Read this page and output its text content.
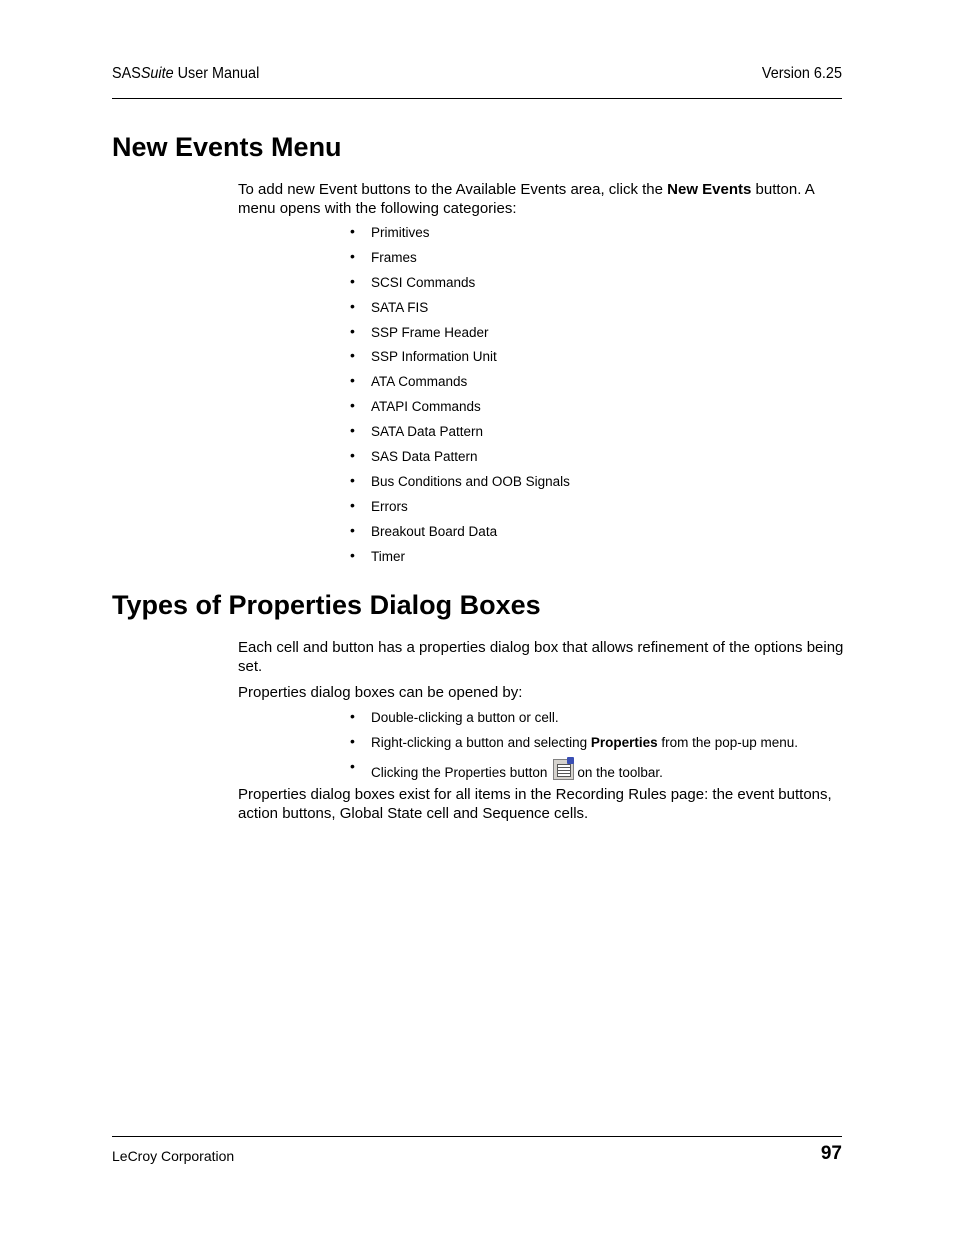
SASSuite User Manual	Version 6.25
New Events Menu

To add new Event buttons to the Available Events area, click the New Events button. A menu opens with the following categories:

• Primitives
• Frames
• SCSI Commands
• SATA FIS
• SSP Frame Header
• SSP Information Unit
• ATA Commands
• ATAPI Commands
• SATA Data Pattern
• SAS Data Pattern
• Bus Conditions and OOB Signals
• Errors
• Breakout Board Data
• Timer
Types of Properties Dialog Boxes

Each cell and button has a properties dialog box that allows refinement of the options being set.

Properties dialog boxes can be opened by:

• Double-clicking a button or cell.
• Right-clicking a button and selecting Properties from the pop-up menu.
• Clicking the Properties button on the toolbar.

Properties dialog boxes exist for all items in the Recording Rules page: the event buttons, action buttons, Global State cell and Sequence cells.

LeCroy Corporation	97
